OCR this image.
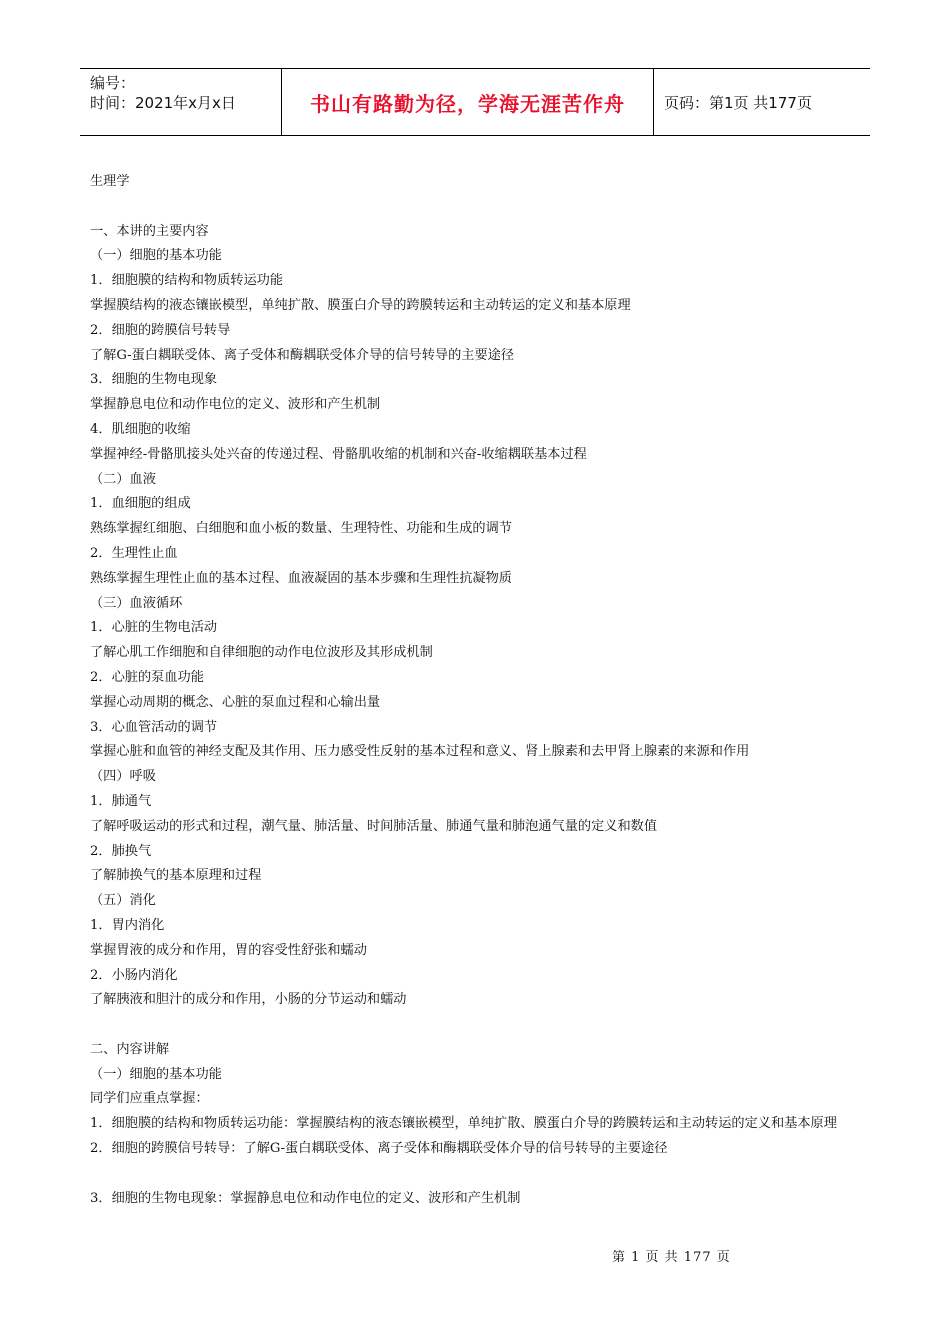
编号：
时间：2021年x月x日	书山有路勤为径，学海无涯苦作舟	页码：第1页 共177页
生理学
一、本讲的主要内容
（一）细胞的基本功能
1．细胞膜的结构和物质转运功能
掌握膜结构的液态镶嵌模型，单纯扩散、膜蛋白介导的跨膜转运和主动转运的定义和基本原理
2．细胞的跨膜信号转导
了解G-蛋白耦联受体、离子受体和酶耦联受体介导的信号转导的主要途径
3．细胞的生物电现象
掌握静息电位和动作电位的定义、波形和产生机制
4．肌细胞的收缩
掌握神经-骨骼肌接头处兴奋的传递过程、骨骼肌收缩的机制和兴奋-收缩耦联基本过程
（二）血液
1．血细胞的组成
熟练掌握红细胞、白细胞和血小板的数量、生理特性、功能和生成的调节
2．生理性止血
熟练掌握生理性止血的基本过程、血液凝固的基本步骤和生理性抗凝物质
（三）血液循环
1．心脏的生物电活动
了解心肌工作细胞和自律细胞的动作电位波形及其形成机制
2．心脏的泵血功能
掌握心动周期的概念、心脏的泵血过程和心输出量
3．心血管活动的调节
掌握心脏和血管的神经支配及其作用、压力感受性反射的基本过程和意义、肾上腺素和去甲肾上腺素的来源和作用
（四）呼吸
1．肺通气
了解呼吸运动的形式和过程，潮气量、肺活量、时间肺活量、肺通气量和肺泡通气量的定义和数值
2．肺换气
了解肺换气的基本原理和过程
（五）消化
1．胃内消化
掌握胃液的成分和作用，胃的容受性舒张和蠕动
2．小肠内消化
了解胰液和胆汁的成分和作用，小肠的分节运动和蠕动
二、内容讲解
（一）细胞的基本功能
同学们应重点掌握：
1．细胞膜的结构和物质转运功能：掌握膜结构的液态镶嵌模型，单纯扩散、膜蛋白介导的跨膜转运和主动转运的定义和基本原理
2．细胞的跨膜信号转导：了解G-蛋白耦联受体、离子受体和酶耦联受体介导的信号转导的主要途径
3．细胞的生物电现象：掌握静息电位和动作电位的定义、波形和产生机制
第 1 页 共 177 页
